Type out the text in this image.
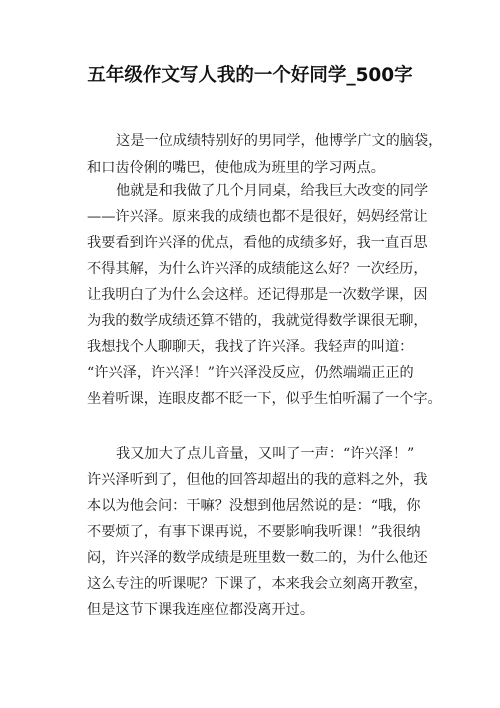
五年级作文写人我的一个好同学_500字
这是一位成绩特别好的男同学，他博学广文的脑袋，
和口齿伶俐的嘴巴，使他成为班里的学习两点。
他就是和我做了几个月同桌，给我巨大改变的同学
——许兴泽。原来我的成绩也都不是很好，妈妈经常让
我要看到许兴泽的优点，看他的成绩多好，我一直百思
不得其解，为什么许兴泽的成绩能这么好？一次经历，
让我明白了为什么会这样。还记得那是一次数学课，因
为我的数学成绩还算不错的，我就觉得数学课很无聊，
我想找个人聊聊天，我找了许兴泽。我轻声的叫道：
“许兴泽，许兴泽！”许兴泽没反应，仍然端端正正的
坐着听课，连眼皮都不眨一下，似乎生怕听漏了一个字。
我又加大了点儿音量，又叫了一声：“许兴泽！”
许兴泽听到了，但他的回答却超出的我的意料之外，我
本以为他会问：干嘛？没想到他居然说的是：“哦，你
不要烦了，有事下课再说，不要影响我听课！”我很纳
闷，许兴泽的数学成绩是班里数一数二的，为什么他还
这么专注的听课呢？下课了，本来我会立刻离开教室，
但是这节下课我连座位都没离开过。
